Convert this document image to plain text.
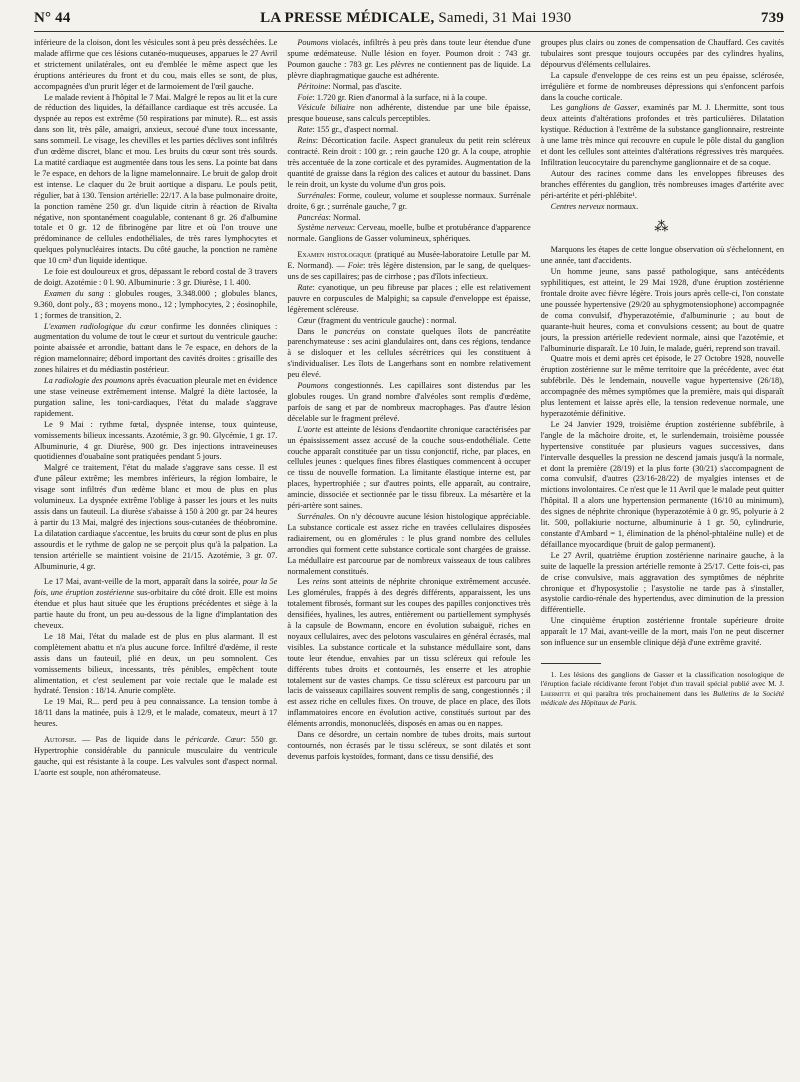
N° 44	LA PRESSE MÉDICALE, Samedi, 31 Mai 1930	739

inférieure de la cloison, dont les vésicules sont à peu près desséchées. Le malade affirme que ces lésions cutanéo-muqueuses, apparues le 27 Avril et strictement unilatérales, ont eu d'emblée le même aspect que les éruptions antérieures du front et du cou, mais elles se sont, de plus, accompagnées d'un prurit léger et de larmoiement de l'œil gauche.

Le malade revient à l'hôpital le 7 Mai. Malgré le repos au lit et la cure de réduction des liquides, la défaillance cardiaque est très accusée. La dyspnée au repos est extrême (50 respirations par minute). R... est assis dans son lit, très pâle, amaigri, anxieux, secoué d'une toux incessante, sans sommeil. Le visage, les chevilles et les parties déclives sont infiltrés d'un œdème discret, blanc et mou. Les bruits du cœur sont très sourds. La matité cardiaque est augmentée dans tous les sens. La pointe bat dans le 7e espace, en dehors de la ligne mamelonnaire. Le bruit de galop droit est intense. Le claquer du 2e bruit aortique a disparu. Le pouls petit, régulier, bat à 130. Tension artérielle: 22/17. A la base pulmonaire droite, la ponction ramène 250 gr. d'un liquide citrin à réaction de Rivalta négative, non spontanément coagulable, contenant 8 gr. 26 d'albumine totale et 0 gr. 12 de fibrinogène par litre et où l'on trouve une prédominance de cellules endothéliales, de très rares lymphocytes et quelques polynucléaires intacts. Du côté gauche, la ponction ne ramène que 10 cm³ d'un liquide identique.

Le foie est douloureux et gros, dépassant le rebord costal de 3 travers de doigt. Azotémie : 0 l. 90. Albuminurie : 3 gr. Diurèse, 1 l. 400.

Examen du sang : globules rouges, 3.348.000 ; globules blancs, 9.360, dont poly., 83 ; moyens mono., 12 ; lymphocytes, 2 ; éosinophile, 1 ; formes de transition, 2.

L'examen radiologique du cœur confirme les données cliniques : augmentation du volume de tout le cœur et surtout du ventricule gauche: pointe abaissée et arrondie, battant dans le 7e espace, en dehors de la région mamelonnaire; débord important des cavités droites : grisaille des zones hilaires et du médiastin postérieur.

La radiologie des poumons après évacuation pleurale met en évidence une stase veineuse extrêmement intense. Malgré la diète lactosée, la purgation saline, les toni-cardiaques, l'état du malade s'aggrave rapidement.

Le 9 Mai : rythme fœtal, dyspnée intense, toux quinteuse, vomissements bilieux incessants. Azotémie, 3 gr. 90. Glycémie, 1 gr. 17. Albuminurie, 4 gr. Diurèse, 900 gr. Des injections intraveineuses quotidiennes d'ouabaïne sont pratiquées pendant 5 jours.

Malgré ce traitement, l'état du malade s'aggrave sans cesse. Il est d'une pâleur extrême; les membres inférieurs, la région lombaire, le visage sont infiltrés d'un œdème blanc et mou de plus en plus volumineux. La dyspnée extrême l'oblige à passer les jours et les nuits assis dans un fauteuil. La diurèse s'abaisse à 150 à 200 gr. par 24 heures à partir du 13 Mai, malgré des injections sous-cutanées de théobromine. La dilatation cardiaque s'accentue, les bruits du cœur sont de plus en plus assourdis et le rythme de galop ne se perçoit plus qu'à la palpation. La tension artérielle se maintient voisine de 21/15. Azotémie, 3 gr. 07. Albuminurie, 4 gr.

Le 17 Mai, avant-veille de la mort, apparaît dans la soirée, pour la 5e fois, une éruption zostérienne sus-orbitaire du côté droit. Elle est moins étendue et plus haut située que les éruptions précédentes et siège à la partie haute du front, un peu au-dessous de la ligne d'implantation des cheveux.

Le 18 Mai, l'état du malade est de plus en plus alarmant. Il est complètement abattu et n'a plus aucune force. Infiltré d'œdème, il reste assis dans un fauteuil, plié en deux, un peu somnolent. Ces vomissements bilieux, incessants, très pénibles, empêchent toute alimentation, et c'est seulement par voie rectale que le malade est hydraté. Tension : 18/14. Anurie complète.

Le 19 Mai, R... perd peu à peu connaissance. La tension tombe à 18/11 dans la matinée, puis à 12/9, et le malade, comateux, meurt à 17 heures.

Autopsie. — Pas de liquide dans le péricarde. Cœur: 550 gr. Hypertrophie considérable du pannicule musculaire du ventricule gauche, qui est résistante à la coupe. Les valvules sont d'aspect normal. L'aorte est souple, non athéromateuse.

Poumons violacés, infiltrés à peu près dans toute leur étendue d'une spume œdémateuse. Nulle lésion en foyer. Poumon droit : 743 gr. Poumon gauche : 783 gr. Les plèvres ne contiennent pas de liquide. La plèvre diaphragmatique gauche est adhérente.

Péritoine: Normal, pas d'ascite.

Foie: 1.720 gr. Rien d'anormal à la surface, ni à la coupe.

Vésicule biliaire non adhérente, distendue par une bile épaisse, presque boueuse, sans calculs perceptibles.

Rate: 155 gr., d'aspect normal.

Reins: Décortication facile. Aspect granuleux du petit rein scléreux contracté. Rein droit : 100 gr. ; rein gauche 120 gr. A la coupe, atrophie très accentuée de la zone corticale et des pyramides. Augmentation de la quantité de graisse dans la région des calices et autour du bassinet. Dans le rein droit, un kyste du volume d'un gros pois.

Surrénales: Forme, couleur, volume et souplesse normaux. Surrénale droite, 6 gr. ; surrénale gauche, 7 gr.

Pancréas: Normal.

Système nerveux: Cerveau, moelle, bulbe et protubérance d'apparence normale. Ganglions de Gasser volumineux, sphériques.

Examen histologique (pratiqué au Musée-laboratoire Letulle par M. E. Normand). — Foie: très légère distension, par le sang, de quelques-uns de ses capillaires; pas de cirrhose ; pas d'îlots infectieux.

Rate: cyanotique, un peu fibreuse par places ; elle est relativement pauvre en corpuscules de Malpighi; sa capsule d'enveloppe est épaisse, légèrement scléreuse.

Cœur (fragment du ventricule gauche) : normal.

Dans le pancréas on constate quelques îlots de pancréatite parenchymateuse : ses acini glandulaires ont, dans ces régions, tendance à se disloquer et les cellules sécrétrices qui les constituent à s'individualiser. Les îlots de Langerhans sont en nombre relativement peu élevé.

Poumons congestionnés. Les capillaires sont distendus par les globules rouges. Un grand nombre d'alvéoles sont remplis d'œdème, parfois de sang et par de nombreux macrophages. Pas d'autre lésion décelable sur le fragment prélevé.

L'aorte est atteinte de lésions d'endaortite chronique caractérisées par un épaississement assez accusé de la couche sous-endothéliale. Cette couche apparaît constituée par un tissu conjonctif, riche, par places, en cellules jeunes : quelques fines fibres élastiques commencent à occuper ce tissu de nouvelle formation. La limitante élastique interne est, par places, hypertrophiée ; sur d'autres points, elle apparaît, au contraire, amincie, dissociée et sectionnée par le tissu fibreux. La mésartère et la péri-artère sont saines.

Surrénales. On n'y découvre aucune lésion histologique appréciable. La substance corticale est assez riche en travées cellulaires disposées radiairement, ou en glomérules : le plus grand nombre des cellules arrondies qui forment cette substance corticale sont chargées de graisse. La médullaire est parcourue par de nombreux vaisseaux de tous calibres normalement constitués.

Les reins sont atteints de néphrite chronique extrêmement accusée. Les glomérules, frappés à des degrés différents, apparaissent, les uns totalement fibrosés, formant sur les coupes des papilles conjonctives très densifiées, hyalines, les autres, entièrement ou partiellement symphysés à la capsule de Bowmann, encore en évolution subaiguë, riches en noyaux cellulaires, avec des pelotons vasculaires en général écrasés, mal visibles. La substance corticale et la substance médullaire sont, dans toute leur étendue, envahies par un tissu scléreux qui refoule les différents tubes droits et contournés, les enserre et les atrophie totalement sur de vastes champs. Ce tissu scléreux est parcouru par un lacis de vaisseaux capillaires souvent remplis de sang, congestionnés ; il est assez riche en cellules fixes. On trouve, de place en place, des îlots inflammatoires encore en évolution active, constitués surtout par des éléments arrondis, mononucléés, disposés en amas ou en nappes.

Dans ce désordre, un certain nombre de tubes droits, mais surtout contournés, non écrasés par le tissu scléreux, se sont dilatés et sont devenus parfois kystoïdes, formant, dans ce tissu densifié, des

groupes plus clairs ou zones de compensation de Chauffard. Ces cavités tubulaires sont presque toujours occupées par des cylindres hyalins, dépourvus d'éléments cellulaires.

La capsule d'enveloppe de ces reins est un peu épaisse, sclérosée, irrégulière et forme de nombreuses dépressions qui s'enfoncent parfois dans la couche corticale.

Les ganglions de Gasser, examinés par M. J. Lhermitte, sont tous deux atteints d'altérations profondes et très particulières. Dilatation kystique. Réduction à l'extrême de la substance ganglionnaire, restreinte à une lame très mince qui recouvre en cupule le pôle distal du ganglion et dont les cellules sont atteintes d'altérations régressives très marquées. Infiltration leucocytaire du parenchyme ganglionnaire et de sa coque.

Autour des racines comme dans les enveloppes fibreuses des branches efférentes du ganglion, très nombreuses images d'artérite avec péri-artérite et péri-phlébite¹.

Centres nerveux normaux.

⁂

Marquons les étapes de cette longue observation où s'échelonnent, en une année, tant d'accidents.

Un homme jeune, sans passé pathologique, sans antécédents syphilitiques, est atteint, le 29 Mai 1928, d'une éruption zostérienne frontale droite avec fièvre légère. Trois jours après celle-ci, l'on constate une poussée hypertensive (29/20 au sphygmotensiophone) accompagnée de coma convulsif, d'hyperazotémie, d'albuminurie ; au bout de quarante-huit heures, coma et convulsions cessent; au bout de quatre jours, la pression artérielle redevient normale, ainsi que l'azotémie, et l'albuminurie disparaît. Le 10 Juin, le malade, guéri, reprend son travail.

Quatre mois et demi après cet épisode, le 27 Octobre 1928, nouvelle éruption zostérienne sur le même territoire que la précédente, avec état subfébrile. Dès le lendemain, nouvelle vague hypertensive (26/18), accompagnée des mêmes symptômes que la première, mais qui disparaît plus lentement et laisse après elle, la tension redevenue normale, une hyperazotémie définitive.

Le 24 Janvier 1929, troisième éruption zostérienne subfébrile, à l'angle de la mâchoire droite, et, le surlendemain, troisième poussée hypertensive constituée par plusieurs vagues successives, dans l'intervalle desquelles la pression ne descend jamais jusqu'à la normale, et dont la première (28/19) et la plus forte (30/21) s'accompagnent de coma convulsif, d'autres (23/16-28/22) de myalgies intenses et de mictions involontaires. Ce n'est que le 11 Avril que le malade peut quitter l'hôpital. Il a alors une hypertension permanente (16/10 au minimum), des signes de néphrite chronique (hyperazotémie à 0 gr. 95, polyurie à 2 lit. 500, pollakiurie nocturne, albuminurie à 1 gr. 50, cylindrurie, constante d'Ambard = 1, élimination de la phénol-phtaléine nulle) et de défaillance myocardique (bruit de galop permanent).

Le 27 Avril, quatrième éruption zostérienne narinaire gauche, à la suite de laquelle la pression artérielle remonte à 25/17. Cette fois-ci, pas de crise convulsive, mais aggravation des symptômes de néphrite chronique et d'hyposystolie ; l'asystolie ne tarde pas à s'installer, asystolie cardio-rénale des hypertendus, avec diminution de la pression différentielle.

Une cinquième éruption zostérienne frontale supérieure droite apparaît le 17 Mai, avant-veille de la mort, mais l'on ne peut discerner son influence sur un ensemble clinique déjà d'une extrême gravité.

1. Les lésions des ganglions de Gasser et la classification nosologique de l'éruption faciale récidivante feront l'objet d'un travail spécial publié avec M. J. Lhermitte et qui paraîtra très prochainement dans les Bulletins de la Société médicale des Hôpitaux de Paris.
